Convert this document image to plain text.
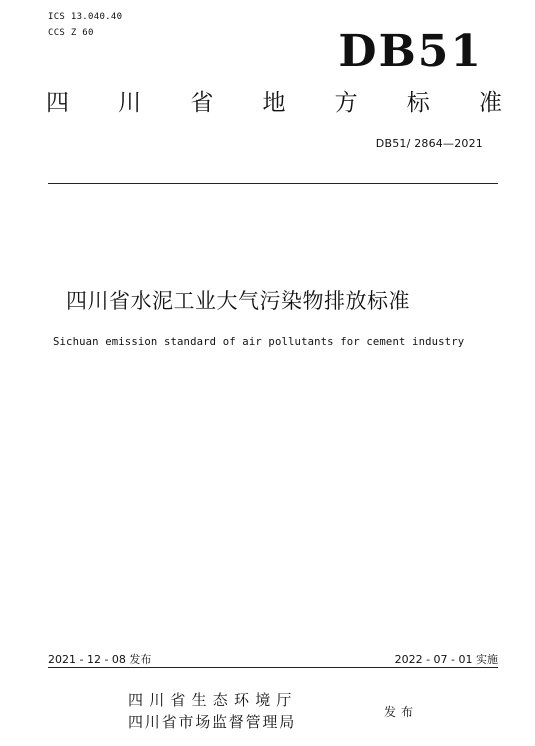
ICS 13.040.40
CCS Z 60	DB51
四 川 省 地 方 标 准
DB51/ 2864—2021
四川省水泥工业大气污染物排放标准
Sichuan emission standard of air pollutants for cement industry
2021 - 12 - 08 发布	2022 - 07 - 01 实施
四川省生态环境厅
四川省市场监督管理局
发布
